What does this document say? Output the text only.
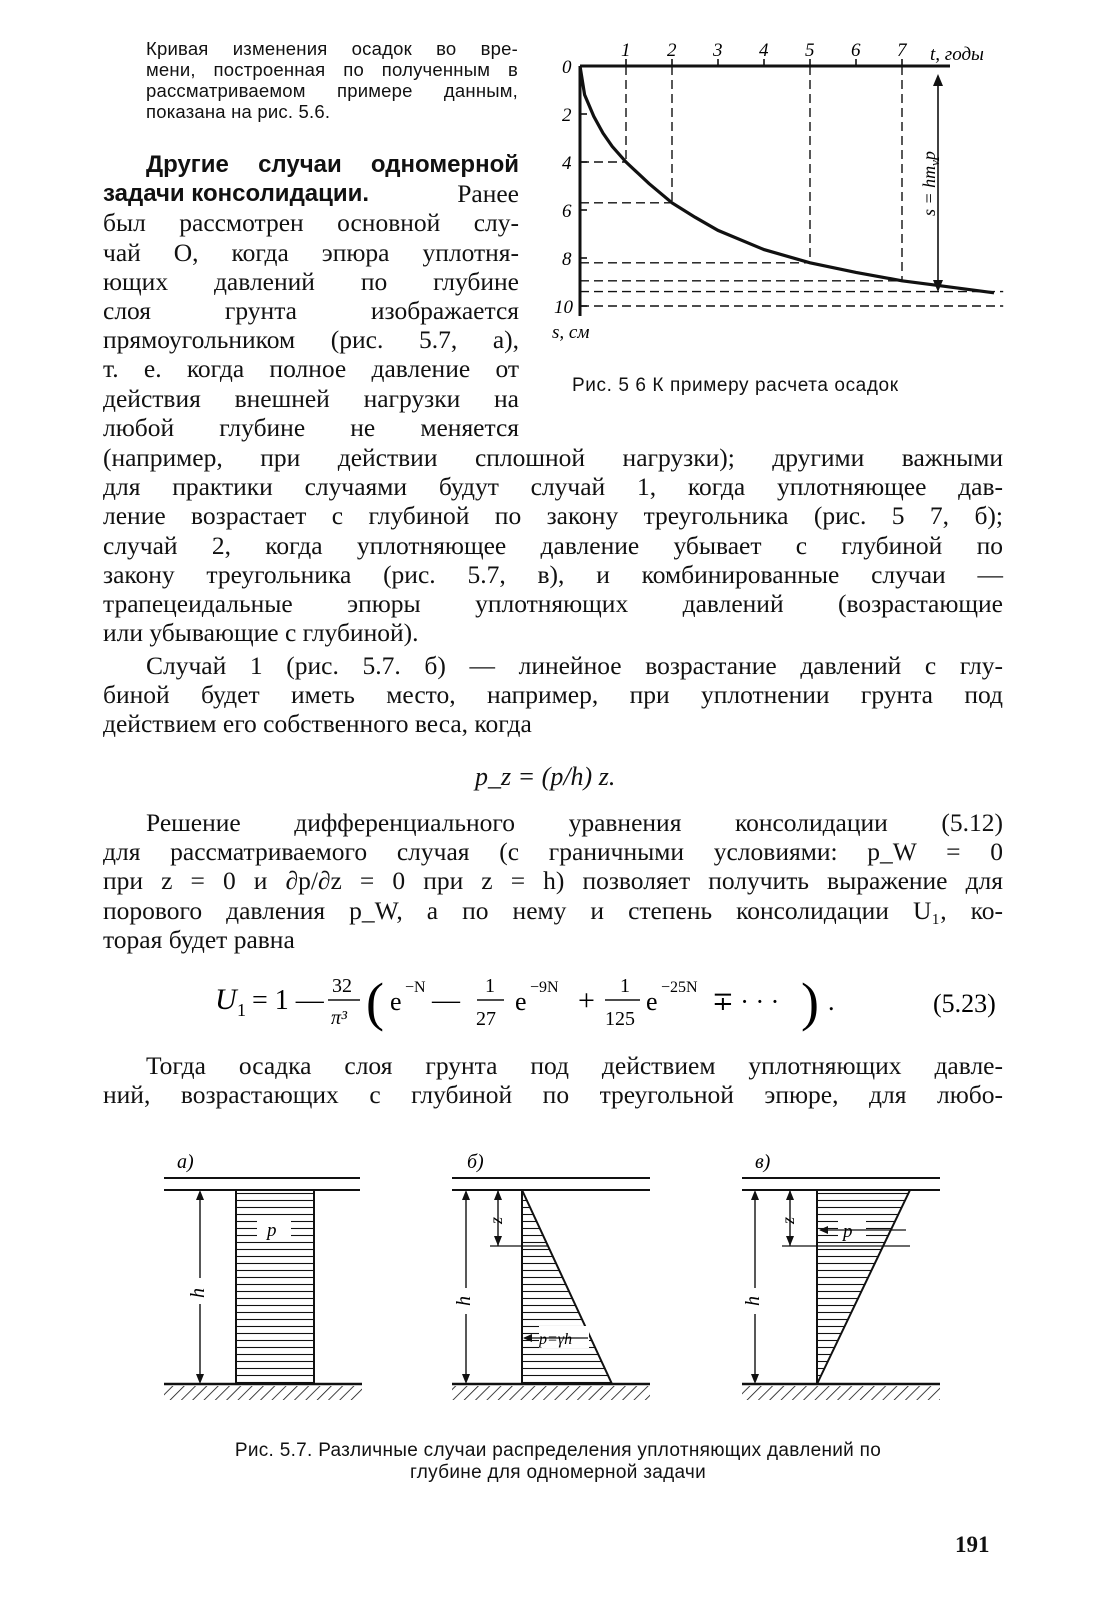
Кривая изменения осадок во вре-
мени, построенная по полученным в
рассматриваемом примере данным,
показана на рис. 5.6.
Другие случаи одномерной
задачи консолидации.	Ранее
был рассмотрен основной слу-
чай О, когда эпюра уплотня-
ющих давлений по глубине
слоя грунта изображается
прямоугольником (рис. 5.7, а),
т. е. когда полное давление от
действия внешней нагрузки на
любой глубине не меняется
(например, при действии сплошной нагрузки); другими важными
для практики случаями будут случай 1, когда уплотняющее дав-
ление возрастает с глубиной по закону треугольника (рис. 5 7, б);
случай 2, когда уплотняющее давление убывает с глубиной по
закону треугольника (рис. 5.7, в), и комбинированные случаи —
трапецеидальные эпюры уплотняющих давлений (возрастающие
или убывающие с глубиной).
Случай 1 (рис. 5.7. б) — линейное возрастание давлений с глу-
биной будет иметь место, например, при уплотнении грунта под
действием его собственного веса, когда
p_z = (p/h) z.
Решение дифференциального уравнения консолидации (5.12)
для рассматриваемого случая (с граничными условиями: p_W = 0
при z = 0 и ∂p/∂z = 0 при z = h) позволяет получить выражение для
порового давления p_W, а по нему и степень консолидации U₁, ко-
торая будет равна
U 1 = 1 — 32
π³ ( e −N — 1
27
e −9N + 1
125
e −25N ∓ · · · ) .	(5.23)
Тогда осадка слоя грунта под действием уплотняющих давле-
ний, возрастающих с глубиной по треугольной эпюре, для любо-
1 2 3 4 5 6 7
0
2
4
6
8
10
t, годы
s, см
$s = hm_vp$
Рис. 5 6 К примеру расчета осадок
а)
p
h
б)
z
h
p=γh
в)
z
p
h
Рис. 5.7. Различные случаи распределения уплотняющих давлений по
глубине для одномерной задачи
191
